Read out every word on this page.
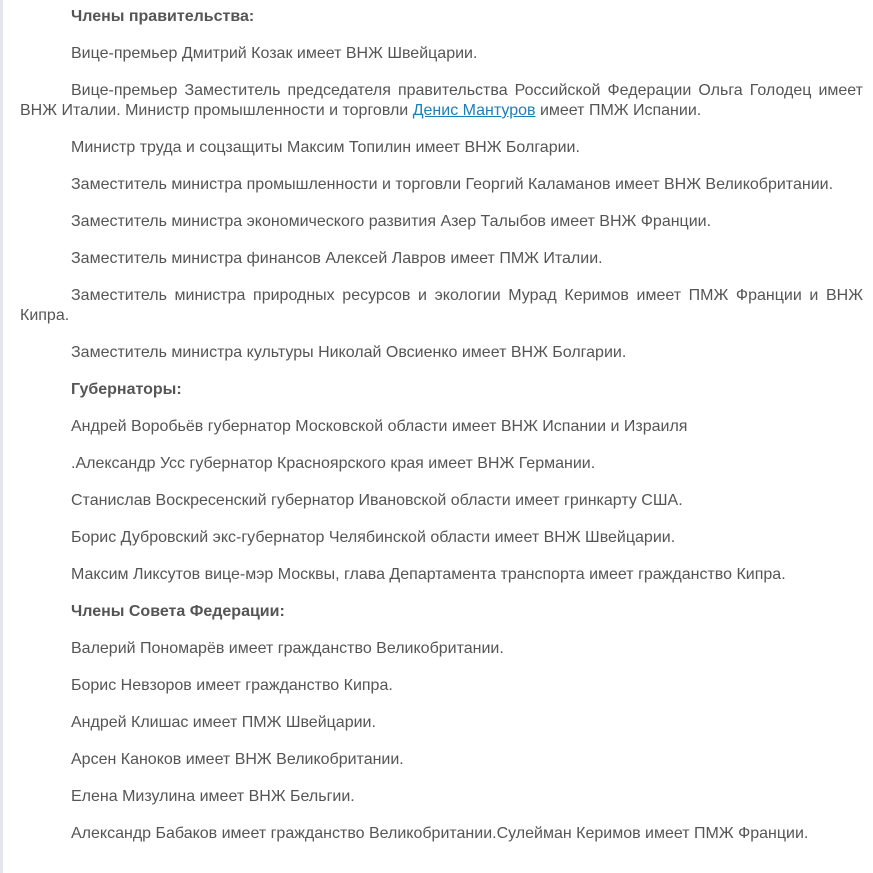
Члены правительства:

Вице-премьер Дмитрий Козак имеет ВНЖ Швейцарии.

Вице-премьер Заместитель председателя правительства Российской Федерации Ольга Голодец имеет ВНЖ Италии. Министр промышленности и торговли Денис Мантуров имеет ПМЖ Испании.

Министр труда и соцзащиты Максим Топилин имеет ВНЖ Болгарии.

Заместитель министра промышленности и торговли Георгий Каламанов имеет ВНЖ Великобритании.

Заместитель министра экономического развития Азер Талыбов имеет ВНЖ Франции.

Заместитель министра финансов Алексей Лавров имеет ПМЖ Италии.

Заместитель министра природных ресурсов и экологии Мурад Керимов имеет ПМЖ Франции и ВНЖ Кипра.

Заместитель министра культуры Николай Овсиенко имеет ВНЖ Болгарии.

Губернаторы:

Андрей Воробьёв губернатор Московской области имеет ВНЖ Испании и Израиля

.Александр Усс губернатор Красноярского края имеет ВНЖ Германии.

Станислав Воскресенский губернатор Ивановской области имеет гринкарту США.

Борис Дубровский экс-губернатор Челябинской области имеет ВНЖ Швейцарии.

Максим Ликсутов вице-мэр Москвы, глава Департамента транспорта имеет гражданство Кипра.

Члены Совета Федерации:

Валерий Пономарёв имеет гражданство Великобритании.

Борис Невзоров имеет гражданство Кипра.

Андрей Клишас имеет ПМЖ Швейцарии.

Арсен Каноков имеет ВНЖ Великобритании.

Елена Мизулина имеет ВНЖ Бельгии.

Александр Бабаков имеет гражданство Великобритании.Сулейман Керимов имеет ПМЖ Франции.
